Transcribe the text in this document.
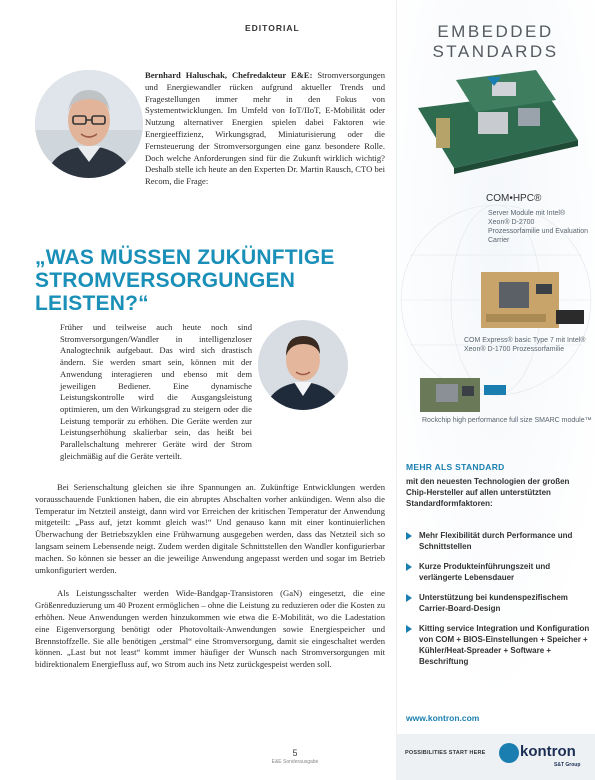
EDITORIAL
Bernhard Haluschak, Chefredakteur E&E: Stromversorgungen und Energiewandler rücken aufgrund aktueller Trends und Fragestellungen immer mehr in den Fokus von Systementwicklungen. Im Umfeld von IoT/IIoT, E-Mobilität oder Nutzung alternativer Energien spielen dabei Faktoren wie Energieeffizienz, Wirkungsgrad, Miniaturisierung oder die Fernsteuerung der Stromversorgungen eine ganz besondere Rolle. Doch welche Anforderungen sind für die Zukunft wirklich wichtig? Deshalb stelle ich heute an den Experten Dr. Martin Rausch, CTO bei Recom, die Frage:
„WAS MÜSSEN ZUKÜNFTIGE
STROMVERSORGUNGEN LEISTEN?“
Früher und teilweise auch heute noch sind Stromversorgungen/Wandler in intelligenzloser Analogtechnik aufgebaut. Das wird sich drastisch ändern. Sie werden smart sein, können mit der Anwendung interagieren und ebenso mit dem jeweiligen Bediener. Eine dynamische Leistungskontrolle wird die Ausgangsleistung optimieren, um den Wirkungsgrad zu steigern oder die Leistung temporär zu erhöhen. Die Geräte werden zur Leistungserhöhung skalierbar sein, das heißt bei Parallelschaltung mehrerer Geräte wird der Strom gleichmäßig auf die Geräte verteilt.

Bei Serienschaltung gleichen sie ihre Spannungen an. Zukünftige Entwicklungen werden vorausschauende Funktionen haben, die ein abruptes Abschalten vorher ankündigen. Wenn also die Temperatur im Netzteil ansteigt, dann wird vor Erreichen der kritischen Temperatur der Anwendung mitgeteilt: „Pass auf, jetzt kommt gleich was!“ Und genauso kann mit einer kontinuierlichen Überwachung der Betriebszyklen eine Frühwarnung ausgegeben werden, dass das Netzteil sich so langsam seinem Lebensende neigt. Zudem werden digitale Schnittstellen den Wandler konfigurierbar machen. So können sie besser an die jeweilige Anwendung angepasst werden und sogar im Betrieb umkonfiguriert werden.

Als Leistungsschalter werden Wide-Bandgap-Transistoren (GaN) eingesetzt, die eine Größenreduzierung um 40 Prozent ermöglichen – ohne die Leistung zu reduzieren oder die Kosten zu erhöhen. Neue Anwendungen werden hinzukommen wie etwa die E-Mobilität, wo die Ladestation eine Eigenversorgung benötigt oder Photovoltaik-Anwendungen sowie Energiespeicher und Brennstoffzelle. Sie alle benötigen „erstmal“ eine Stromversorgung, damit sie eingeschaltet werden können. „Last but not least“ kommt immer häufiger der Wunsch nach Stromversorgungen mit bidirektionalem Energiefluss auf, wo Strom auch ins Netz zurückgespeist werden soll.

5
E&E Sonderausgabe
EMBEDDED
STANDARDS
COM•HPC®
Server Module mit Intel® Xeon® D-2700 Prozessorfamilie und Evaluation Carrier
COM Express® basic Type 7 mit Intel® Xeon® D-1700 Prozessorfamilie
Rockchip high performance full size SMARC module™
MEHR ALS STANDARD
mit den neuesten Technologien der großen Chip-Hersteller auf allen unterstützten Standardformfaktoren:
Mehr Flexibilität durch Performance und Schnittstellen
Kurze Produkteinführungszeit und verlängerte Lebensdauer
Unterstützung bei kundenspezifischem Carrier-Board-Design
Kitting service Integration und Konfiguration von COM + BIOS-Einstellungen + Speicher + Kühler/Heat-Spreader + Software + Beschriftung
www.kontron.com
POSSIBILITIES START HERE kontron
S&T Group
